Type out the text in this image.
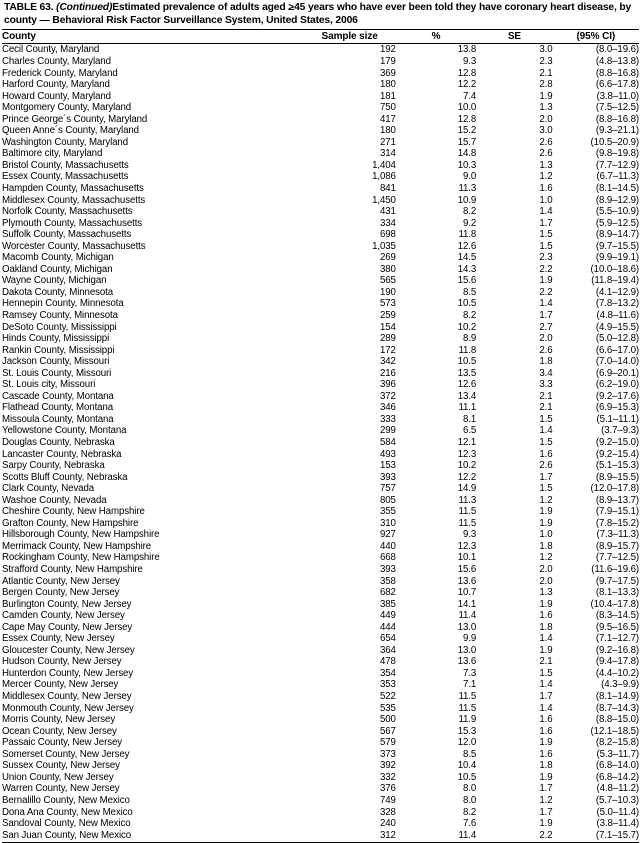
TABLE 63. (Continued)Estimated prevalence of adults aged ≥45 years who have ever been told they have coronary heart disease, by county — Behavioral Risk Factor Surveillance System, United States, 2006
County	Sample size	%	SE	(95% CI)
Cecil County, Maryland	192	13.8	3.0	(8.0–19.6)
Charles County, Maryland	179	9.3	2.3	(4.8–13.8)
Frederick County, Maryland	369	12.8	2.1	(8.8–16.8)
Harford County, Maryland	180	12.2	2.8	(6.6–17.8)
Howard County, Maryland	181	7.4	1.9	(3.8–11.0)
Montgomery County, Maryland	750	10.0	1.3	(7.5–12.5)
Prince George´s County, Maryland	417	12.8	2.0	(8.8–16.8)
Queen Anne´s County, Maryland	180	15.2	3.0	(9.3–21.1)
Washington County, Maryland	271	15.7	2.6	(10.5–20.9)
Baltimore city, Maryland	314	14.8	2.6	(9.8–19.8)
Bristol County, Massachusetts	1,404	10.3	1.3	(7.7–12.9)
Essex County, Massachusetts	1,086	9.0	1.2	(6.7–11.3)
Hampden County, Massachusetts	841	11.3	1.6	(8.1–14.5)
Middlesex County, Massachusetts	1,450	10.9	1.0	(8.9–12.9)
Norfolk County, Massachusetts	431	8.2	1.4	(5.5–10.9)
Plymouth County, Massachusetts	334	9.2	1.7	(5.9–12.5)
Suffolk County, Massachusetts	698	11.8	1.5	(8.9–14.7)
Worcester County, Massachusetts	1,035	12.6	1.5	(9.7–15.5)
Macomb County, Michigan	269	14.5	2.3	(9.9–19.1)
Oakland County, Michigan	380	14.3	2.2	(10.0–18.6)
Wayne County, Michigan	565	15.6	1.9	(11.8–19.4)
Dakota County, Minnesota	190	8.5	2.2	(4.1–12.9)
Hennepin County, Minnesota	573	10.5	1.4	(7.8–13.2)
Ramsey County, Minnesota	259	8.2	1.7	(4.8–11.6)
DeSoto County, Mississippi	154	10.2	2.7	(4.9–15.5)
Hinds County, Mississippi	289	8.9	2.0	(5.0–12.8)
Rankin County, Mississippi	172	11.8	2.6	(6.6–17.0)
Jackson County, Missouri	342	10.5	1.8	(7.0–14.0)
St. Louis County, Missouri	216	13.5	3.4	(6.9–20.1)
St. Louis city, Missouri	396	12.6	3.3	(6.2–19.0)
Cascade County, Montana	372	13.4	2.1	(9.2–17.6)
Flathead County, Montana	346	11.1	2.1	(6.9–15.3)
Missoula County, Montana	333	8.1	1.5	(5.1–11.1)
Yellowstone County, Montana	299	6.5	1.4	(3.7–9.3)
Douglas County, Nebraska	584	12.1	1.5	(9.2–15.0)
Lancaster County, Nebraska	493	12.3	1.6	(9.2–15.4)
Sarpy County, Nebraska	153	10.2	2.6	(5.1–15.3)
Scotts Bluff County, Nebraska	393	12.2	1.7	(8.9–15.5)
Clark County, Nevada	757	14.9	1.5	(12.0–17.8)
Washoe County, Nevada	805	11.3	1.2	(8.9–13.7)
Cheshire County, New Hampshire	355	11.5	1.9	(7.9–15.1)
Grafton County, New Hampshire	310	11.5	1.9	(7.8–15.2)
Hillsborough County, New Hampshire	927	9.3	1.0	(7.3–11.3)
Merrimack County, New Hampshire	440	12.3	1.8	(8.9–15.7)
Rockingham County, New Hampshire	668	10.1	1.2	(7.7–12.5)
Strafford County, New Hampshire	393	15.6	2.0	(11.6–19.6)
Atlantic County, New Jersey	358	13.6	2.0	(9.7–17.5)
Bergen County, New Jersey	682	10.7	1.3	(8.1–13.3)
Burlington County, New Jersey	385	14.1	1.9	(10.4–17.8)
Camden County, New Jersey	449	11.4	1.6	(8.3–14.5)
Cape May County, New Jersey	444	13.0	1.8	(9.5–16.5)
Essex County, New Jersey	654	9.9	1.4	(7.1–12.7)
Gloucester County, New Jersey	364	13.0	1.9	(9.2–16.8)
Hudson County, New Jersey	478	13.6	2.1	(9.4–17.8)
Hunterdon County, New Jersey	354	7.3	1.5	(4.4–10.2)
Mercer County, New Jersey	353	7.1	1.4	(4.3–9.9)
Middlesex County, New Jersey	522	11.5	1.7	(8.1–14.9)
Monmouth County, New Jersey	535	11.5	1.4	(8.7–14.3)
Morris County, New Jersey	500	11.9	1.6	(8.8–15.0)
Ocean County, New Jersey	567	15.3	1.6	(12.1–18.5)
Passaic County, New Jersey	579	12.0	1.9	(8.2–15.8)
Somerset County, New Jersey	373	8.5	1.6	(5.3–11.7)
Sussex County, New Jersey	392	10.4	1.8	(6.8–14.0)
Union County, New Jersey	332	10.5	1.9	(6.8–14.2)
Warren County, New Jersey	376	8.0	1.7	(4.8–11.2)
Bernalillo County, New Mexico	749	8.0	1.2	(5.7–10.3)
Dona Ana County, New Mexico	328	8.2	1.7	(5.0–11.4)
Sandoval County, New Mexico	240	7.6	1.9	(3.8–11.4)
San Juan County, New Mexico	312	11.4	2.2	(7.1–15.7)
